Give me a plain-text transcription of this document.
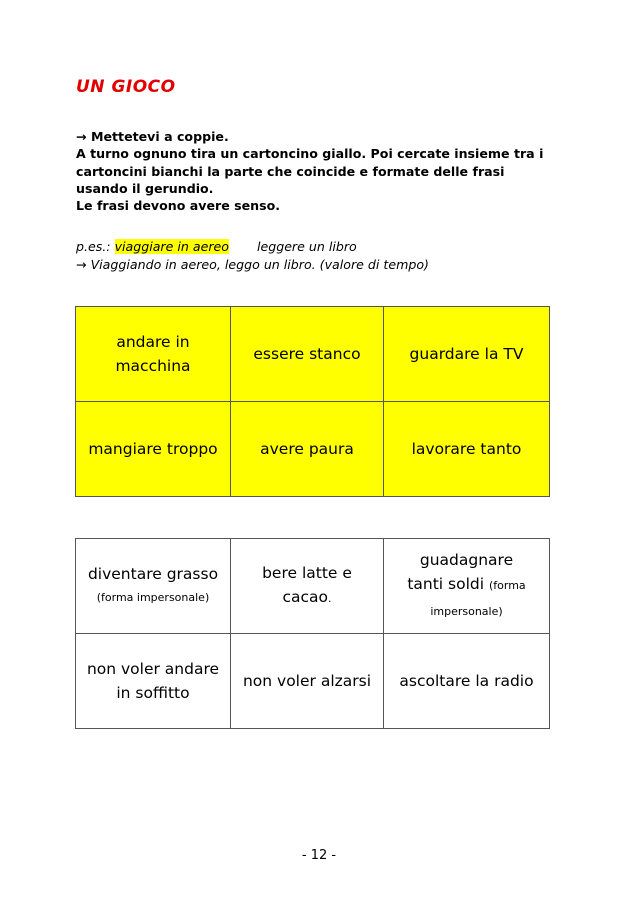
UN GIOCO
→ Mettetevi a coppie.
A turno ognuno tira un cartoncino giallo. Poi cercate insieme tra i
cartoncini bianchi la parte che coincide e formate delle frasi
usando il gerundio.
Le frasi devono avere senso.
p.es.: viaggiare in aereo leggere un libro
→ Viaggiando in aereo, leggo un libro. (valore di tempo)
andare in macchina	essere stanco	guardare la TV

mangiare troppo	avere paura	lavorare tanto
diventare grasso
(forma impersonale)	bere latte e cacao.	guadagnare tanti soldi (forma impersonale)

non voler andare in soffitto	non voler alzarsi	ascoltare la radio
- 12 -
